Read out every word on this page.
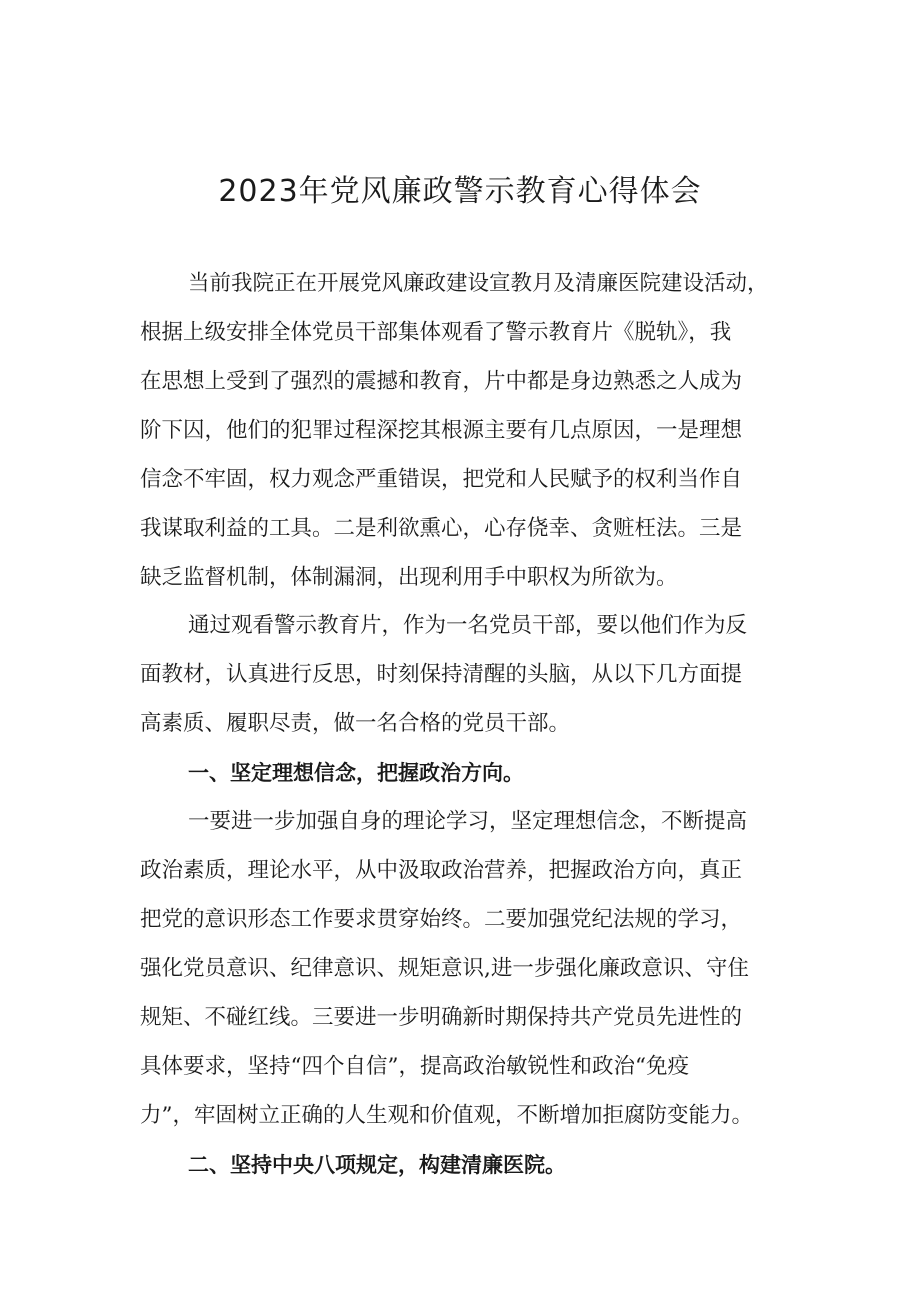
2023年党风廉政警示教育心得体会
当前我院正在开展党风廉政建设宣教月及清廉医院建设活动，
根据上级安排全体党员干部集体观看了警示教育片《脱轨》，我
在思想上受到了强烈的震撼和教育，片中都是身边熟悉之人成为
阶下囚，他们的犯罪过程深挖其根源主要有几点原因，一是理想
信念不牢固，权力观念严重错误，把党和人民赋予的权利当作自
我谋取利益的工具。二是利欲熏心，心存侥幸、贪赃枉法。三是
缺乏监督机制，体制漏洞，出现利用手中职权为所欲为。
通过观看警示教育片，作为一名党员干部，要以他们作为反
面教材，认真进行反思，时刻保持清醒的头脑，从以下几方面提
高素质、履职尽责，做一名合格的党员干部。
一、坚定理想信念，把握政治方向。
一要进一步加强自身的理论学习，坚定理想信念，不断提高
政治素质，理论水平，从中汲取政治营养，把握政治方向，真正
把党的意识形态工作要求贯穿始终。二要加强党纪法规的学习，
强化党员意识、纪律意识、规矩意识,进一步强化廉政意识、守住
规矩、不碰红线。三要进一步明确新时期保持共产党员先进性的
具体要求，坚持“四个自信”，提高政治敏锐性和政治“免疫
力”，牢固树立正确的人生观和价值观，不断增加拒腐防变能力。
二、坚持中央八项规定，构建清廉医院。
